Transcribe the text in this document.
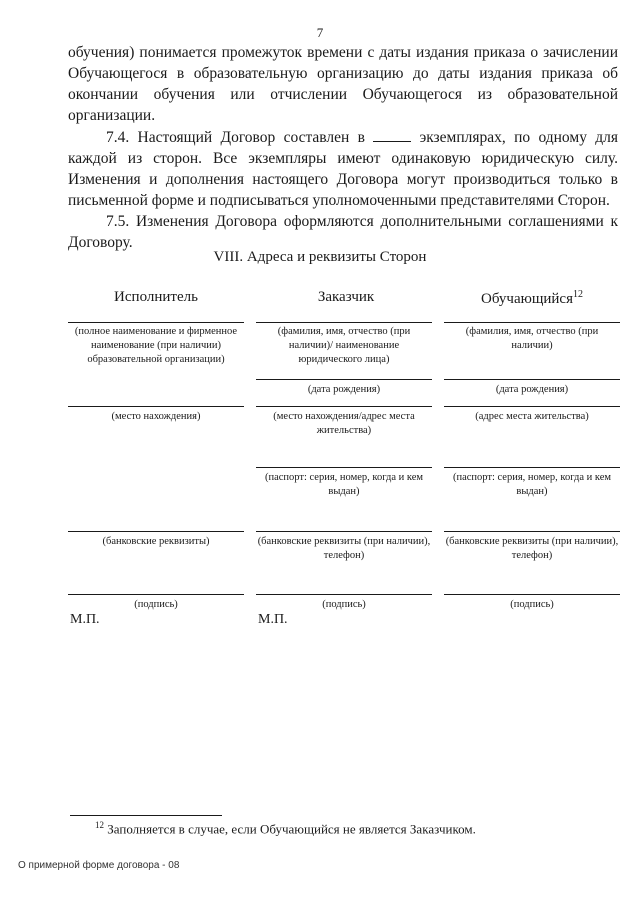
7

обучения) понимается промежуток времени с даты издания приказа о зачислении Обучающегося в образовательную организацию до даты издания приказа об окончании обучения или отчислении Обучающегося из образовательной организации.

7.4. Настоящий Договор составлен в  экземплярах, по одному для каждой из сторон. Все экземпляры имеют одинаковую юридическую силу. Изменения и дополнения настоящего Договора могут производиться только в письменной форме и подписываться уполномоченными представителями Сторон.

7.5. Изменения Договора оформляются дополнительными соглашениями к Договору.

VIII. Адреса и реквизиты Сторон
Исполнитель	Заказчик	Обучающийся$^{12}$
(полное наименование и фирменное наименование (при наличии) образовательной организации)
(место нахождения)
(банковские реквизиты)
(подпись)
М.П.
(фамилия, имя, отчество (при наличии)/ наименование юридического лица)
(дата рождения)
(место нахождения/адрес места жительства)
(паспорт: серия, номер, когда и кем выдан)
(банковские реквизиты (при наличии), телефон)
(подпись)
М.П.
(фамилия, имя, отчество (при наличии)
(дата рождения)
(адрес места жительства)
(паспорт: серия, номер, когда и кем выдан)
(банковские реквизиты (при наличии), телефон)
(подпись)
$^{12}$ Заполняется в случае, если Обучающийся не является Заказчиком.
О примерной форме договора - 08
